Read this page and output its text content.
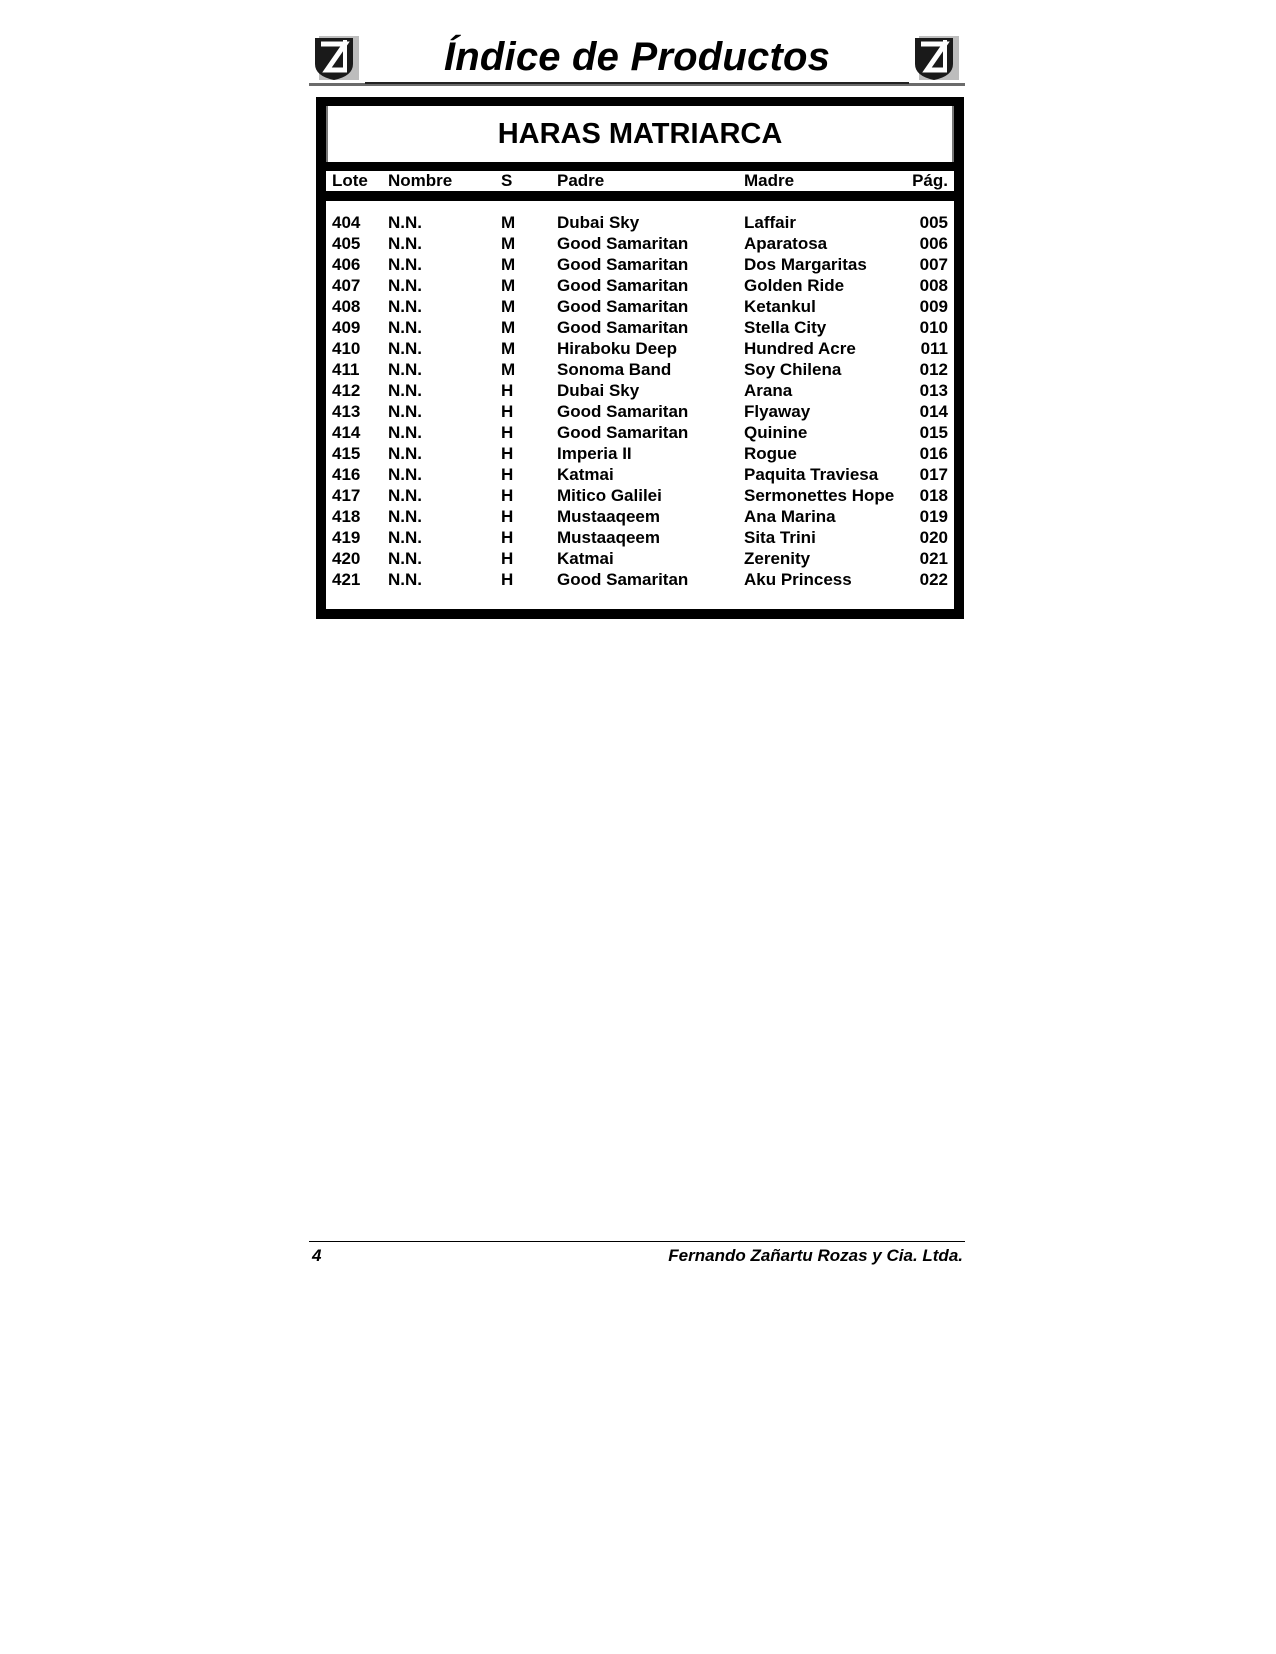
Índice de Productos
HARAS MATRIARCA
Lote Nombre	S	Padre	Madre	Pág.
404 N.N.	M Dubai Sky	Laffair	005
405 N.N.	M Good Samaritan	Aparatosa	006
406 N.N.	M Good Samaritan	Dos Margaritas	007
407 N.N.	M Good Samaritan	Golden Ride	008
408 N.N.	M Good Samaritan	Ketankul	009
409 N.N.	M Good Samaritan	Stella City	010
410 N.N.	M Hiraboku Deep	Hundred Acre	011
411 N.N.	M Sonoma Band	Soy Chilena	012
412 N.N.	H	Dubai Sky	Arana	013
413 N.N.	H	Good Samaritan	Flyaway	014
414 N.N.	H	Good Samaritan	Quinine	015
415 N.N.	H	Imperia II	Rogue	016
416 N.N.	H	Katmai	Paquita Traviesa 017
417 N.N.	H	Mitico Galilei	Sermonettes Hope 018
418 N.N.	H	Mustaaqeem	Ana Marina	019
419 N.N.	H	Mustaaqeem	Sita Trini	020
420 N.N.	H	Katmai	Zerenity	021
421 N.N.	H	Good Samaritan	Aku Princess	022
4	Fernando Zañartu Rozas y Cia. Ltda.
